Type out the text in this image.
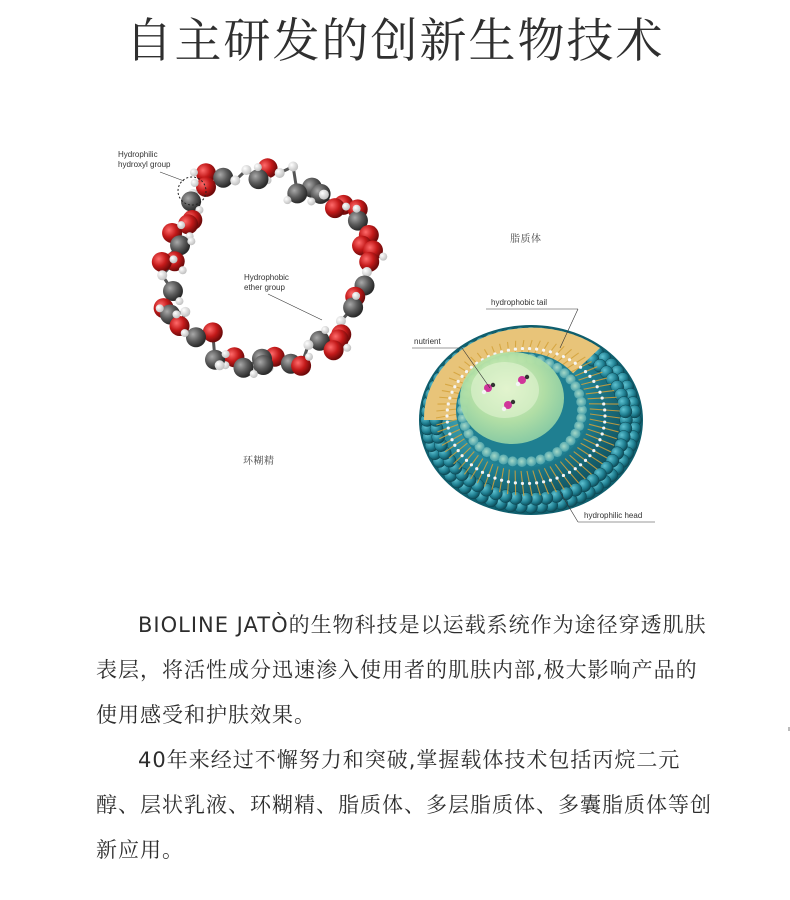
自主研发的创新生物技术
Hydrophilic
hydroxyl group
Hydrophobic
ether group
环糊精
脂质体
hydrophobic tail
nutrient
hydrophilic head

BIOLINE JATÒ的生物科技是以运载系统作为途径穿透肌肤表层，将活性成分迅速渗入使用者的肌肤内部,极大影响产品的使用感受和护肤效果。

40年来经过不懈努力和突破,掌握载体技术包括丙烷二元醇、层状乳液、环糊精、脂质体、多层脂质体、多囊脂质体等创新应用。
